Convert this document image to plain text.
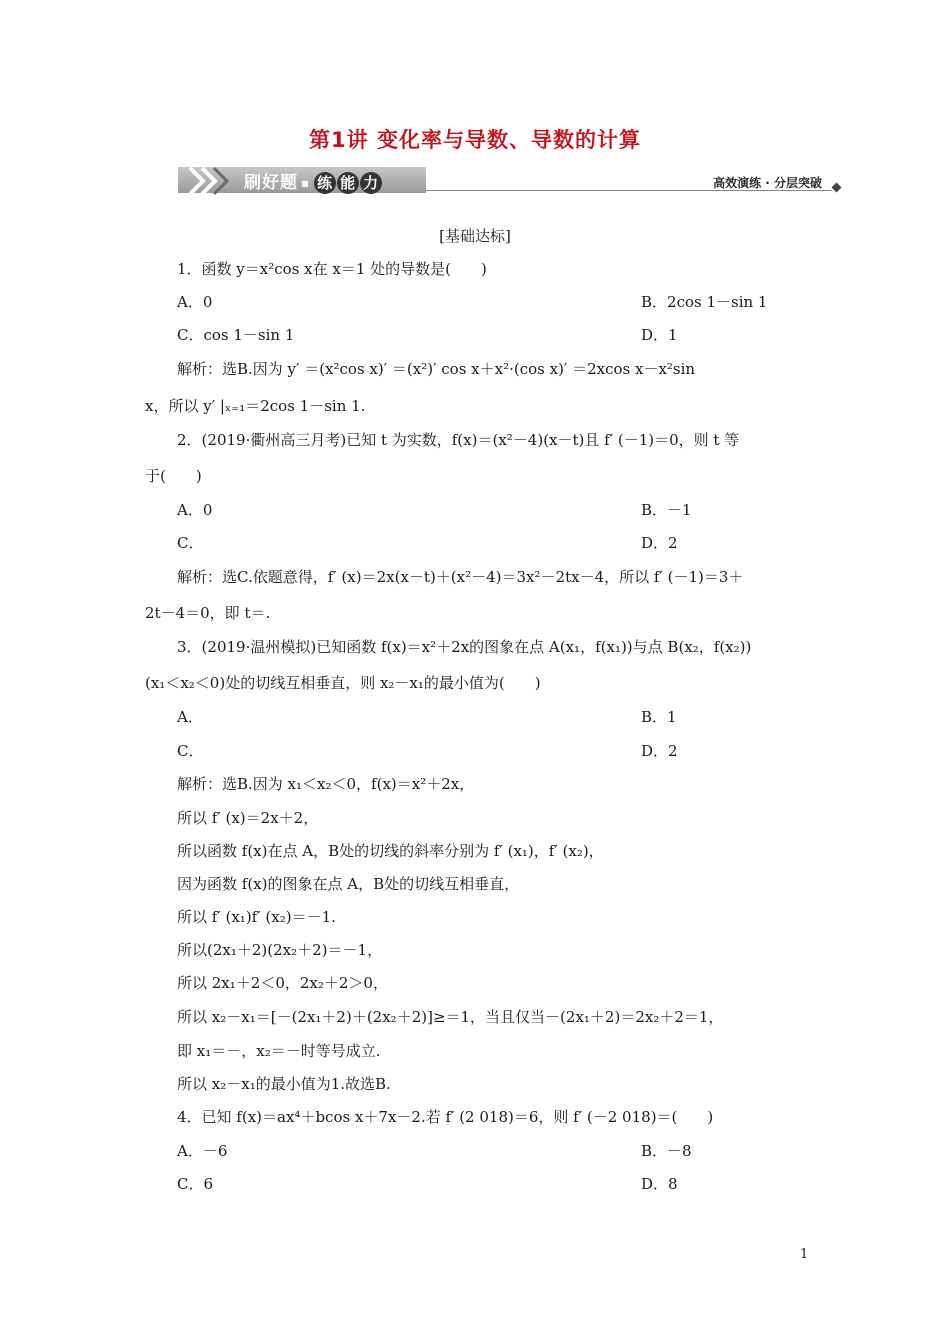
第1讲 变化率与导数、导数的计算
刷好题 ▪ 练 能 力	高效演练 · 分层突破
[基础达标]
1．函数 y＝x²cos x在 x＝1 处的导数是(　　)
A．0	B．2cos 1－sin 1
C．cos 1－sin 1	D．1
解析：选B.因为 y′ ＝(x²cos x)′ ＝(x²)′ cos x＋x²·(cos x)′ ＝2xcos x－x²sin
x，所以 y′ |ₓ₌₁＝2cos 1－sin 1.
2．(2019·衢州高三月考)已知 t 为实数，f(x)＝(x²－4)(x－t)且 f′ (－1)＝0，则 t 等
于(　　)
A．0	B．－1
C．	D．2
解析：选C.依题意得，f′ (x)＝2x(x－t)＋(x²－4)＝3x²－2tx－4，所以 f′ (－1)＝3＋
2t－4＝0，即 t＝.
3．(2019·温州模拟)已知函数 f(x)＝x²＋2x的图象在点 A(x₁，f(x₁))与点 B(x₂，f(x₂))
(x₁＜x₂＜0)处的切线互相垂直，则 x₂－x₁的最小值为(　　)
A．	B．1
C．	D．2
解析：选B.因为 x₁＜x₂＜0，f(x)＝x²＋2x，
所以 f′ (x)＝2x＋2，
所以函数 f(x)在点 A，B处的切线的斜率分别为 f′ (x₁)，f′ (x₂)，
因为函数 f(x)的图象在点 A，B处的切线互相垂直，
所以 f′ (x₁)f′ (x₂)＝－1.
所以(2x₁＋2)(2x₂＋2)＝－1，
所以 2x₁＋2＜0，2x₂＋2＞0，
所以 x₂－x₁＝[－(2x₁＋2)＋(2x₂＋2)]≥＝1，当且仅当－(2x₁＋2)＝2x₂＋2＝1，
即 x₁＝－，x₂＝－时等号成立.
所以 x₂－x₁的最小值为1.故选B.
4．已知 f(x)＝ax⁴＋bcos x＋7x－2.若 f′ (2 018)＝6，则 f′ (－2 018)＝(　　)
A．－6	B．－8
C．6	D．8
1
